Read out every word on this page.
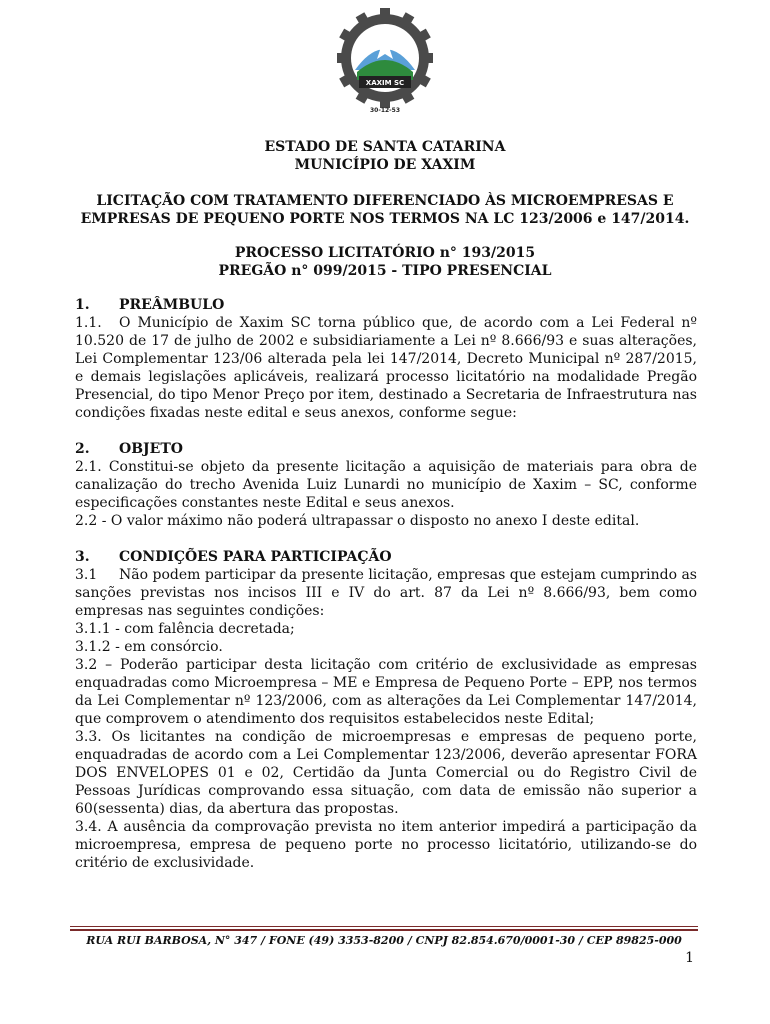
XAXIM SC
30-12-53
ESTADO DE SANTA CATARINA
MUNICÍPIO DE XAXIM
LICITAÇÃO COM TRATAMENTO DIFERENCIADO ÀS MICROEMPRESAS E
EMPRESAS DE PEQUENO PORTE NOS TERMOS NA LC 123/2006 e 147/2014.
PROCESSO LICITATÓRIO n° 193/2015
PREGÃO n° 099/2015 - TIPO PRESENCIAL

1. PREÂMBULO

1.1. O Município de Xaxim SC torna público que, de acordo com a Lei Federal nº 10.520 de 17 de julho de 2002 e subsidiariamente a Lei nº 8.666/93 e suas alterações, Lei Complementar 123/06 alterada pela lei 147/2014, Decreto Municipal nº 287/2015, e demais legislações aplicáveis, realizará processo licitatório na modalidade Pregão Presencial, do tipo Menor Preço por item, destinado a Secretaria de Infraestrutura nas condições fixadas neste edital e seus anexos, conforme segue:

2. OBJETO

2.1. Constitui-se objeto da presente licitação a aquisição de materiais para obra de canalização do trecho Avenida Luiz Lunardi no município de Xaxim – SC, conforme especificações constantes neste Edital e seus anexos.

2.2 - O valor máximo não poderá ultrapassar o disposto no anexo I deste edital.

3. CONDIÇÕES PARA PARTICIPAÇÃO

3.1 Não podem participar da presente licitação, empresas que estejam cumprindo as sanções previstas nos incisos III e IV do art. 87 da Lei nº 8.666/93, bem como empresas nas seguintes condições:

3.1.1 - com falência decretada;

3.1.2 - em consórcio.

3.2 – Poderão participar desta licitação com critério de exclusividade as empresas enquadradas como Microempresa – ME e Empresa de Pequeno Porte – EPP, nos termos da Lei Complementar nº 123/2006, com as alterações da Lei Complementar 147/2014, que comprovem o atendimento dos requisitos estabelecidos neste Edital;

3.3. Os licitantes na condição de microempresas e empresas de pequeno porte, enquadradas de acordo com a Lei Complementar 123/2006, deverão apresentar FORA DOS ENVELOPES 01 e 02, Certidão da Junta Comercial ou do Registro Civil de Pessoas Jurídicas comprovando essa situação, com data de emissão não superior a 60(sessenta) dias, da abertura das propostas.

3.4. A ausência da comprovação prevista no item anterior impedirá a participação da microempresa, empresa de pequeno porte no processo licitatório, utilizando-se do critério de exclusividade.

RUA RUI BARBOSA, N° 347 / FONE (49) 3353-8200 / CNPJ 82.854.670/0001-30 / CEP 89825-000
1
